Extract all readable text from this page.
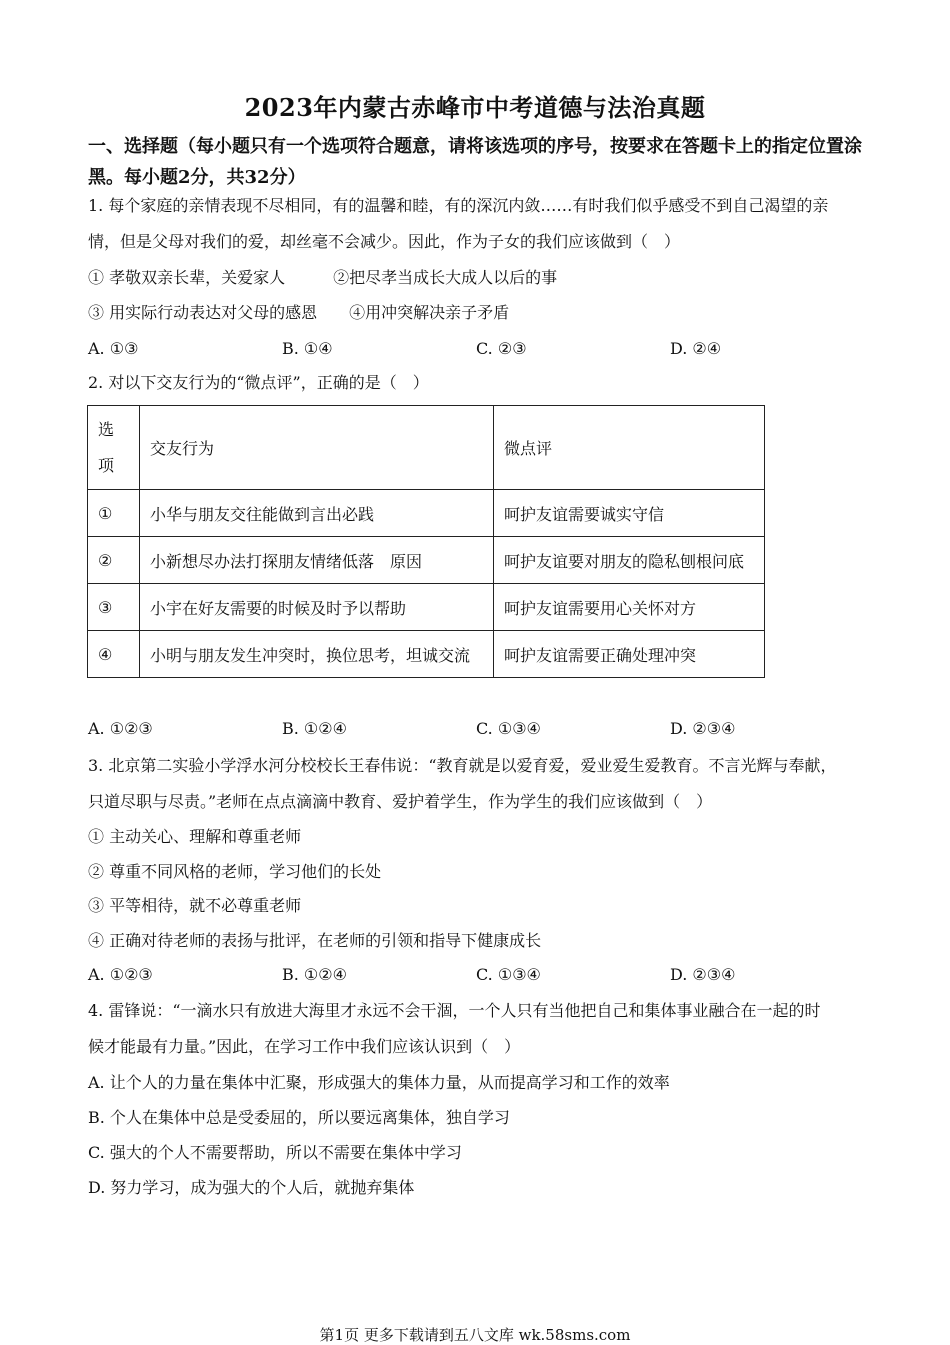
2023年内蒙古赤峰市中考道德与法治真题
一、选择题（每小题只有一个选项符合题意，请将该选项的序号，按要求在答题卡上的指定位置涂黑。每小题2分，共32分）
1. 每个家庭的亲情表现不尽相同，有的温馨和睦，有的深沉内敛……有时我们似乎感受不到自己渴望的亲
情，但是父母对我们的爱，却丝毫不会减少。因此，作为子女的我们应该做到（　）
① 孝敬双亲长辈，关爱家人　　　②把尽孝当成长大成人以后的事
③ 用实际行动表达对父母的感恩　　④用冲突解决亲子矛盾
A. ①③	B. ①④	C. ②③	D. ②④
2. 对以下交友行为的“微点评”，正确的是（　）
选
项	交友行为	微点评
①	小华与朋友交往能做到言出必践	呵护友谊需要诚实守信
②	小新想尽办法打探朋友情绪低落　原因	呵护友谊要对朋友的隐私刨根问底
③	小宇在好友需要的时候及时予以帮助	呵护友谊需要用心关怀对方
④	小明与朋友发生冲突时，换位思考，坦诚交流	呵护友谊需要正确处理冲突
A. ①②③	B. ①②④	C. ①③④	D. ②③④
3. 北京第二实验小学浮水河分校校长王春伟说：“教育就是以爱育爱，爱业爱生爱教育。不言光辉与奉献，
只道尽职与尽责。”老师在点点滴滴中教育、爱护着学生，作为学生的我们应该做到（　）
① 主动关心、理解和尊重老师
② 尊重不同风格的老师，学习他们的长处
③ 平等相待，就不必尊重老师
④ 正确对待老师的表扬与批评，在老师的引领和指导下健康成长
A. ①②③	B. ①②④	C. ①③④	D. ②③④
4. 雷锋说：“一滴水只有放进大海里才永远不会干涸，一个人只有当他把自己和集体事业融合在一起的时
候才能最有力量。”因此，在学习工作中我们应该认识到（　）
A. 让个人的力量在集体中汇聚，形成强大的集体力量，从而提高学习和工作的效率
B. 个人在集体中总是受委屈的，所以要远离集体，独自学习
C. 强大的个人不需要帮助，所以不需要在集体中学习
D. 努力学习，成为强大的个人后，就抛弃集体
第1页 更多下载请到五八文库 wk.58sms.com
